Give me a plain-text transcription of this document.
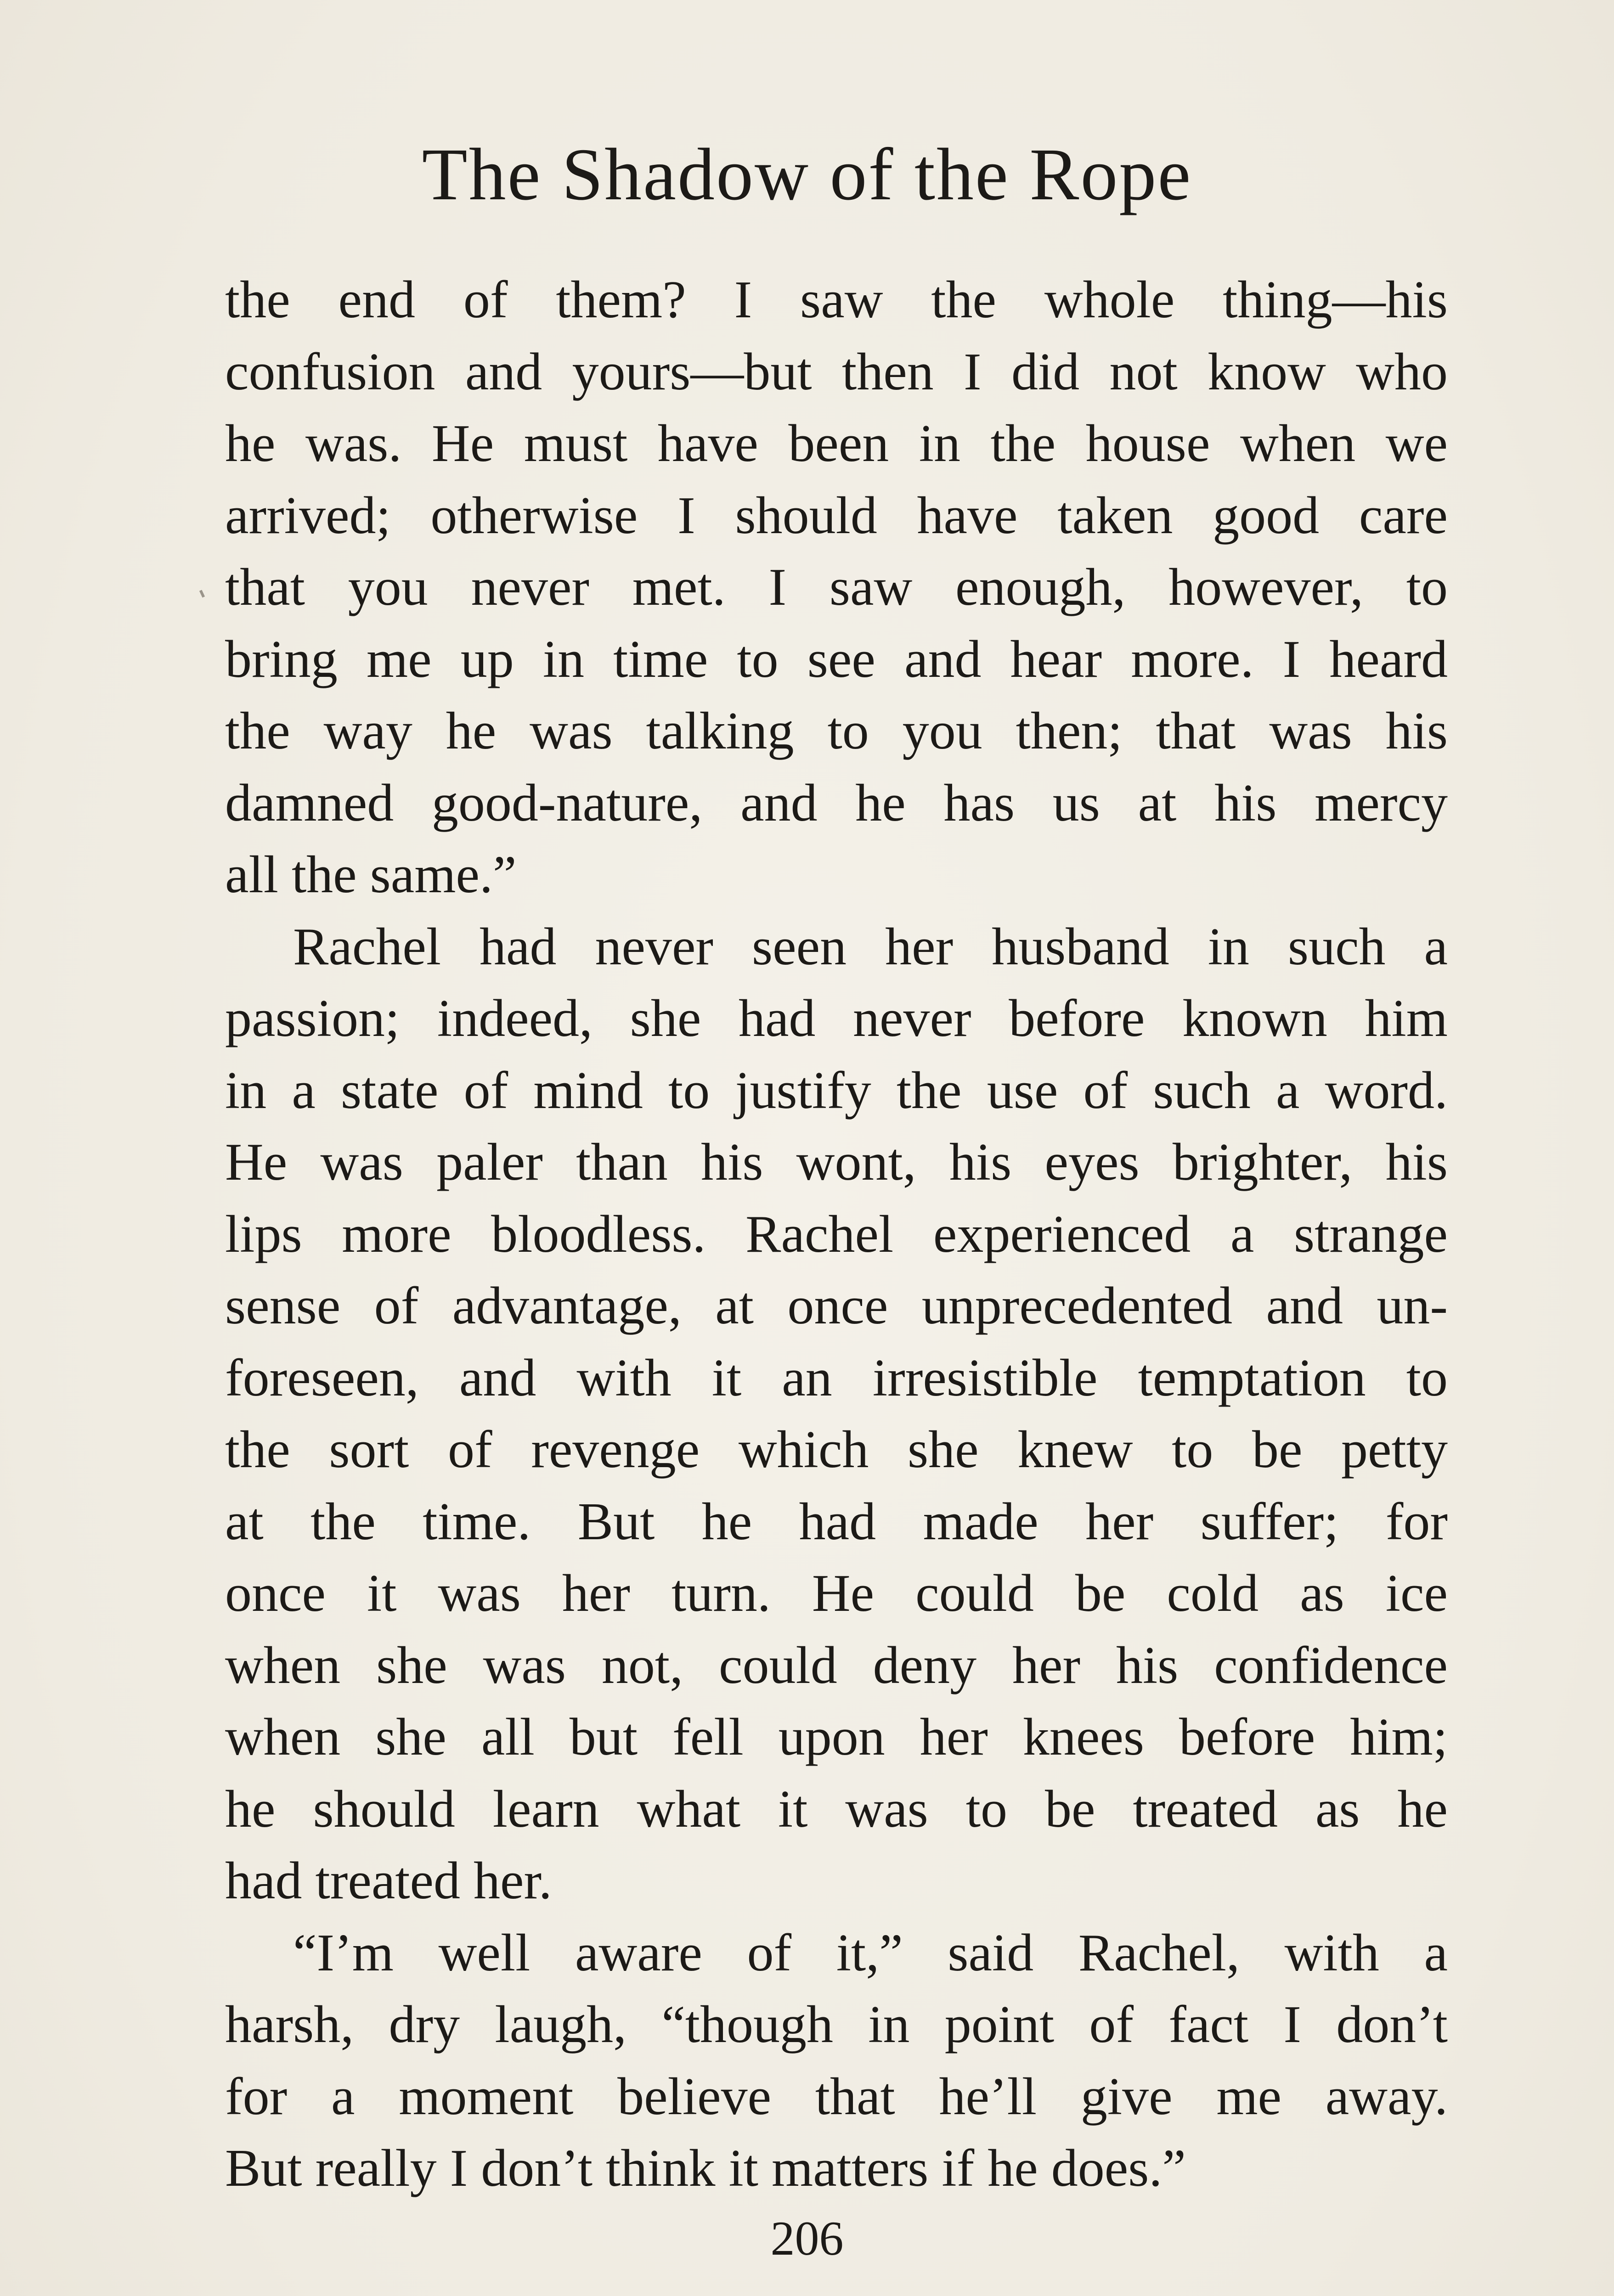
The Shadow of the Rope
the end of them? I saw the whole thing—his
confusion and yours—but then I did not know who
he was. He must have been in the house when we
arrived; otherwise I should have taken good care
that you never met. I saw enough, however, to
bring me up in time to see and hear more. I heard
the way he was talking to you then; that was his
damned good-nature, and he has us at his mercy
all the same.”
Rachel had never seen her husband in such a
passion; indeed, she had never before known him
in a state of mind to justify the use of such a word.
He was paler than his wont, his eyes brighter, his
lips more bloodless. Rachel experienced a strange
sense of advantage, at once unprecedented and un-
foreseen, and with it an irresistible temptation to
the sort of revenge which she knew to be petty
at the time. But he had made her suffer; for
once it was her turn. He could be cold as ice
when she was not, could deny her his confidence
when she all but fell upon her knees before him;
he should learn what it was to be treated as he
had treated her.
“I’m well aware of it,” said Rachel, with a
harsh, dry laugh, “though in point of fact I don’t
for a moment believe that he’ll give me away.
But really I don’t think it matters if he does.”
206
